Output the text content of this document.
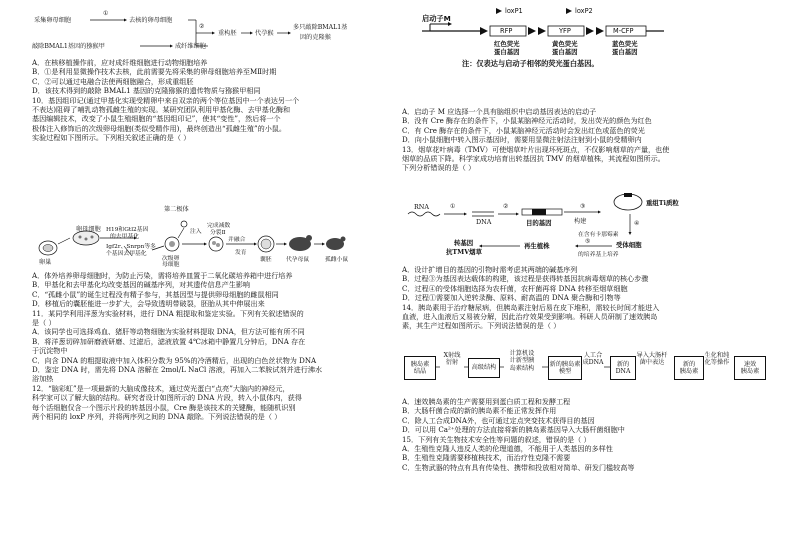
采集卵母细胞
①
去核的卵母细胞
敲除BMAL1基因的猕猴甲	成纤维细胞
②
重构胚	代孕猴
多只敲除BMAL1基
因的克隆猴
A．在核移植操作前，应对成纤维细胞进行动物细胞培养
B．①是利用显微操作技术去核，此前需要先将采集的卵母细胞培养至MⅡ时期
C．②可以通过电融合法使两细胞融合，形成重组胚
D．该技术得到的敲除 BMAL1 基因的克隆猕猴的遗传物质与猕猴甲相同
10．基因组印记(通过甲基化实现受精卵中来自双亲的两个等位基因中一个表达另一个
不表达)阻碍了哺乳动物孤雌生殖的实现。某研究团队利用甲基化酶、去甲基化酶和
基因编辑技术，改变了小鼠生殖细胞的“基因组印记”，使其“变性”，然后将一个
极体注入修饰后的次级卵母细胞(类似受精作用)，最终创造出“孤雌生殖”的小鼠。
实验过程如下图所示。下列相关叙述正确的是（ ）
第二极体
卵母细胞
卵巢
H19和Gtl2基因
的去甲基化
Igf2r、Snrpn等多
个基因去甲基化
次级卵
母细胞
注入
完成减数
分裂Ⅱ
并融合
发育
囊胚 代孕母鼠	孤雌小鼠
A．体外培养卵母细胞时，为防止污染，需将培养皿置于二氧化碳培养箱中进行培养
B．甲基化和去甲基化均改变基因的碱基序列，对其遗传信息产生影响
C．“孤雌小鼠”的诞生过程没有精子参与，其基因型与提供卵母细胞的雌鼠相同
D．移植后的囊胚能进一步扩大，会导致透明带破裂，胚胎从其中伸展出来
11．某同学利用洋葱为实验材料，进行 DNA 粗提取和鉴定实验。下列有关叙述错误的
是（ ）
A．该同学也可选择鸡血、猪肝等动物细胞为实验材料提取 DNA，但方法可能有所不同
B．将洋葱切碎加研磨液研磨、过滤后，滤液放置 4℃冰箱中静置几分钟后，DNA 存在
于沉淀物中
C．向含 DNA 的粗提取液中加入体积分数为 95%的冷酒精后，出现的白色丝状物为 DNA
D．鉴定 DNA 时，需先将 DNA 溶解在 2mol/L NaCl 溶液，再加入二苯胺试剂并进行沸水
浴加热
12．“脑彩虹”是一项最新的大脑成像技术，通过荧光蛋白“点亮”大脑内的神经元，
科学家可以了解大脑的结构。研究者设计如图所示的 DNA 片段，转入小鼠体内，获得
每个活细胞仅含一个图示片段的转基因小鼠，Cre 酶是该技术的关键酶，能随机识别
两个相同的 loxP 序列，并将两序列之间的 DNA 敲除。下列说法错误的是（ ）
启动子M
loxP1	loxP2
RFP	YFP	M-CFP
红色荧光
蛋白基因
黄色荧光
蛋白基因
蓝色荧光
蛋白基因
注：仅表达与启动子相邻的荧光蛋白基因。
A．启动子 M 应选择一个具有脑组织中启动基因表达的启动子
B．没有 Cre 酶存在的条件下，小鼠某脑神经元活动时，发出荧光的颜色为红色
C．有 Cre 酶存在的条件下，小鼠某脑神经元活动时会发出红色或蓝色的荧光
D．向小鼠细胞中转入图示基因时，需要用显微注射法注射到小鼠的受精卵内
13．烟草花叶病毒（TMV）可使烟草叶片出现坏死斑点，不仅影响烟草的产量，也使
烟草的品质下降。科学家成功培育出转基因抗 TMV 的烟草植株，其流程如图所示。
下列分析错误的是（ ）
RNA	①
DNA
②
目的基因	构建
③	重组Ti质粒
④
受体细胞
在含有卡那霉素
的培养基上培养
⑤
再生植株
转基因
抗TMV烟草
A．设计扩增目的基因的引物时需考虑其两端的碱基序列
B．过程③为基因表达载体的构建，该过程是获得转基因抗病毒烟草的核心步骤
C．过程④的受体细胞选择为农杆菌，农杆菌再将 DNA 转移至烟草细胞
D．过程①需要加入逆转录酶、原料、耐高温的 DNA 聚合酶和引物等
14．胰岛素用于治疗糖尿病，但胰岛素注射后易在皮下堆积，需较长时间才能进入
血液，进入血液后又易被分解，因此治疗效果受到影响。科研人员研制了速效胰岛
素，其生产过程如图所示。下列说法错误的是（ ）
胰岛素
结晶
X射线
衍射
高级结构
计算机设
计新型胰
岛素结构
新的胰岛素
模型
人工合
成DNA 新的
DNA
导入大肠杆
菌中表达	新的
胰岛素
生化和纯
化等操作	速效
胰岛素
A．速效胰岛素的生产需要用到蛋白质工程和发酵工程
B．大肠杆菌合成的新的胰岛素不能正常发挥作用
C．除人工合成DNA外，也可通过定点突变技术获得目的基因
D．可以用 Ca²⁺处理的方法直接将新的胰岛素基因导入大肠杆菌细胞中
15．下列有关生物技术安全性等问题的叙述，错误的是（ ）
A．生殖性克隆人违反人类的伦理道德，不能用于人类基因的多样性
B．生殖性克隆需要移植核技术，而治疗性克隆不需要
C．生物武器的特点有具有传染性、携带和投放相对简单、研发门槛较高等
